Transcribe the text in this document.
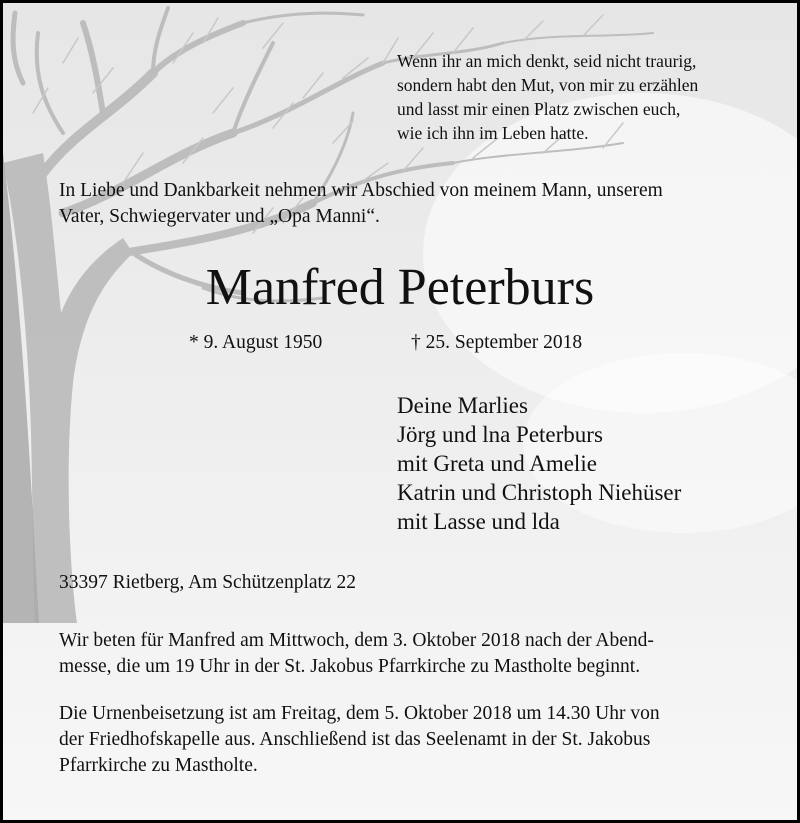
Wenn ihr an mich denkt, seid nicht traurig,
sondern habt den Mut, von mir zu erzählen
und lasst mir einen Platz zwischen euch,
wie ich ihn im Leben hatte.
In Liebe und Dankbarkeit nehmen wir Abschied von meinem Mann, unserem
Vater, Schwiegervater und „Opa Manni“.
Manfred Peterburs
* 9. August 1950	† 25. September 2018
Deine Marlies
Jörg und lna Peterburs
mit Greta und Amelie
Katrin und Christoph Niehüser
mit Lasse und lda
33397 Rietberg, Am Schützenplatz 22
Wir beten für Manfred am Mittwoch, dem 3. Oktober 2018 nach der Abend-
messe, die um 19 Uhr in der St. Jakobus Pfarrkirche zu Mastholte beginnt.
Die Urnenbeisetzung ist am Freitag, dem 5. Oktober 2018 um 14.30 Uhr von
der Friedhofskapelle aus. Anschließend ist das Seelenamt in der St. Jakobus
Pfarrkirche zu Mastholte.
